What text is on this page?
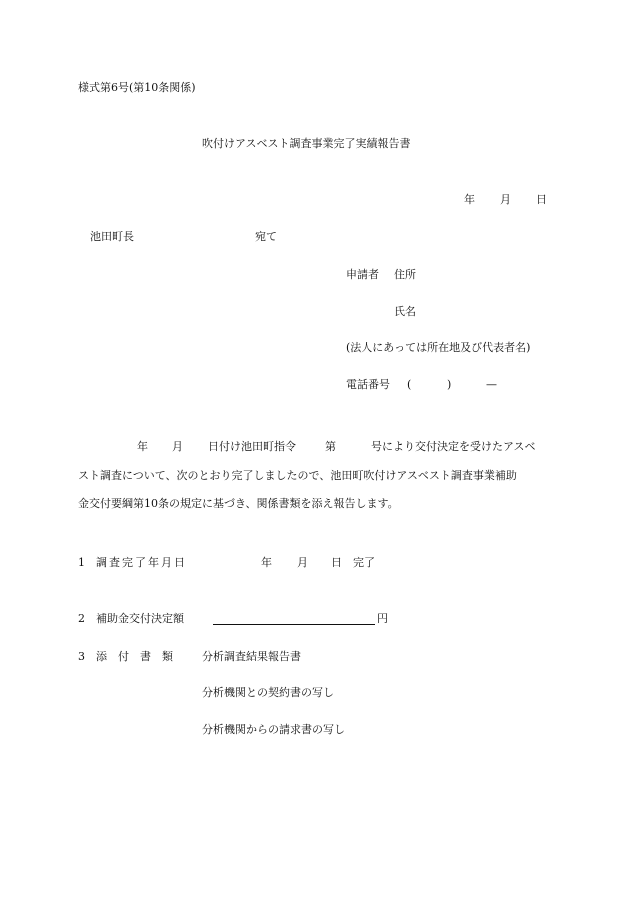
様式第6号(第10条関係)
吹付けアスベスト調査事業完了実績報告書
年 月 日
池田町長	宛て
申請者 住所
氏名
(法人にあっては所在地及び代表者名)
電話番号 (	)	—
年 月 日付け池田町指令	第	号により交付決定を受けたアスベ
スト調査について、次のとおり完了しましたので、池田町吹付けアスベスト調査事業補助
金交付要綱第10条の規定に基づき、関係書類を添え報告します。
1 調査完了年月日	年 月 日 完了
2 補助金交付決定額	円
3 添　付　書　類	分析調査結果報告書
分析機関との契約書の写し
分析機関からの請求書の写し
